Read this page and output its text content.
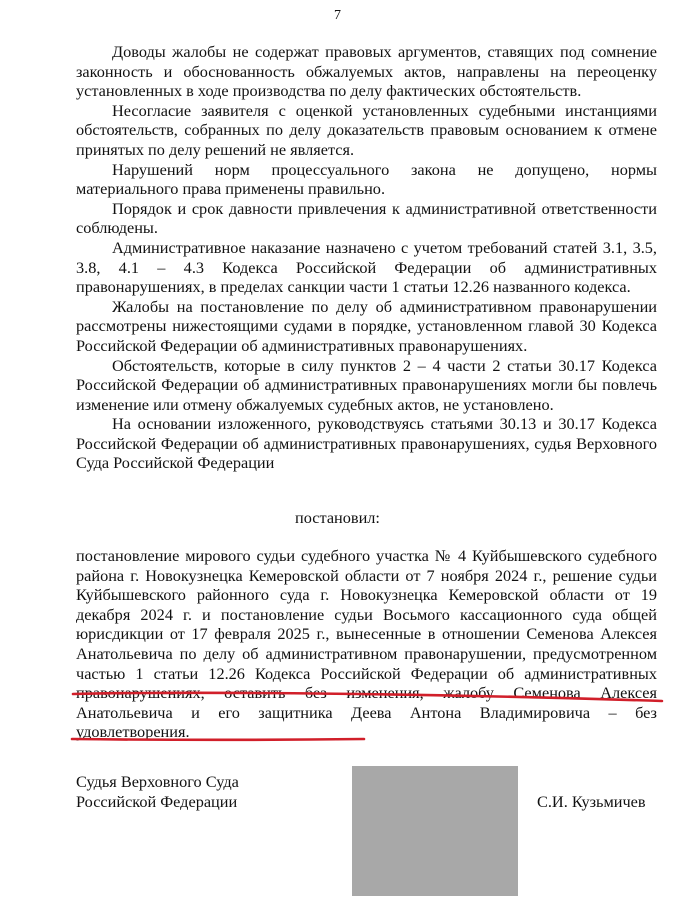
7

Доводы жалобы не содержат правовых аргументов, ставящих под сомнение законность и обоснованность обжалуемых актов, направлены на переоценку установленных в ходе производства по делу фактических обстоятельств.

Несогласие заявителя с оценкой установленных судебными инстанциями обстоятельств, собранных по делу доказательств правовым основанием к отмене принятых по делу решений не является.

Нарушений норм процессуального закона не допущено, нормы материального права применены правильно.

Порядок и срок давности привлечения к административной ответственности соблюдены.

Административное наказание назначено с учетом требований статей 3.1, 3.5, 3.8, 4.1 – 4.3 Кодекса Российской Федерации об административных правонарушениях, в пределах санкции части 1 статьи 12.26 названного кодекса.

Жалобы на постановление по делу об административном правонарушении рассмотрены нижестоящими судами в порядке, установленном главой 30 Кодекса Российской Федерации об административных правонарушениях.

Обстоятельств, которые в силу пунктов 2 – 4 части 2 статьи 30.17 Кодекса Российской Федерации об административных правонарушениях могли бы повлечь изменение или отмену обжалуемых судебных актов, не установлено.

На основании изложенного, руководствуясь статьями 30.13 и 30.17 Кодекса Российской Федерации об административных правонарушениях, судья Верховного Суда Российской Федерации

постановил:
постановление мирового судьи судебного участка № 4 Куйбышевского судебного района г. Новокузнецка Кемеровской области от 7 ноября 2024 г., решение судьи Куйбышевского районного суда г. Новокузнецка Кемеровской области от 19 декабря 2024 г. и постановление судьи Восьмого кассационного суда общей юрисдикции от 17 февраля 2025 г., вынесенные в отношении Семенова Алексея Анатольевича по делу об административном правонарушении, предусмотренном частью 1 статьи 12.26 Кодекса Российской Федерации об административных правонарушениях, оставить без изменения, жалобу Семенова Алексея Анатольевича и его защитника Деева Антона Владимировича – без удовлетворения.
Судья Верховного Суда
Российской Федерации	С.И. Кузьмичев
